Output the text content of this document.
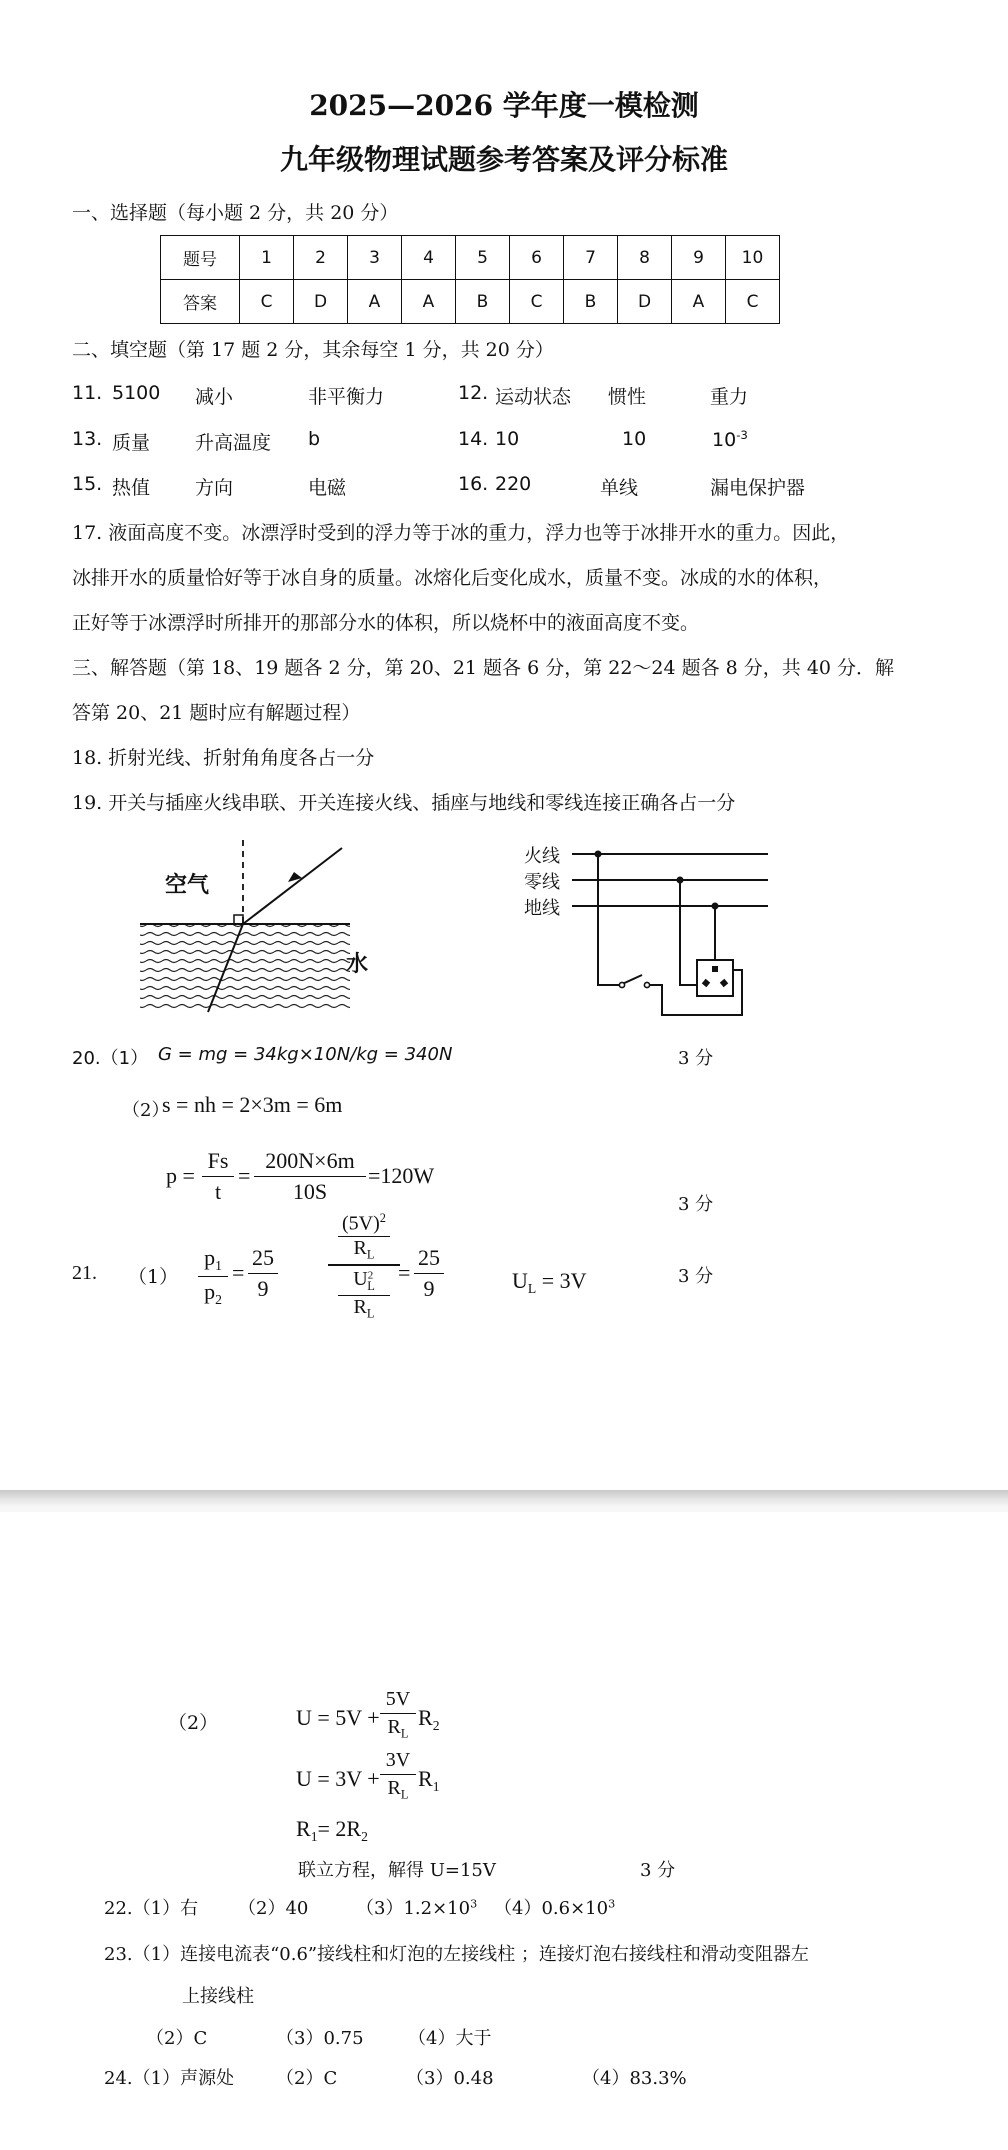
2025—2026 学年度一模检测
九年级物理试题参考答案及评分标准
一、选择题（每小题 2 分，共 20 分）
题号	1	2	3	4	5	6	7	8	9	10
答案	C	D	A	A	B	C	B	D	A	C
二、填空题（第 17 题 2 分，其余每空 1 分，共 20 分）
11. 5100 减小	非平衡力	12. 运动状态 惯性	重力
13. 质量 升高温度 b	14. 10	10	$10^{-3}$
15. 热值 方向	电磁	16. 220	单线	漏电保护器
17. 液面高度不变。冰漂浮时受到的浮力等于冰的重力，浮力也等于冰排开水的重力。因此，
冰排开水的质量恰好等于冰自身的质量。冰熔化后变化成水，质量不变。冰成的水的体积，
正好等于冰漂浮时所排开的那部分水的体积，所以烧杯中的液面高度不变。
三、解答题（第 18、19 题各 2 分，第 20、21 题各 6 分，第 22～24 题各 8 分，共 40 分．解
答第 20、21 题时应有解题过程）
18. 折射光线、折射角角度各占一分
19. 开关与插座火线串联、开关连接火线、插座与地线和零线连接正确各占一分
空气
水
火线
零线
地线
20.（1） G = mg = 34kg×10N/kg = 340N	3 分
（2）
s = nh = 2×3m = 6m
p =
Fs
t
=
200N×6m
10S
=120W
3 分
21. （1）
$p_1$
$p_2$
=
25
9
$(5V)^2$
$R_L$
$U^2_L$
$R_L$
=
25
9	$U_L = 3V$	3 分
（2）	U = 5V +
5V
$R_L$
$R_2$
U = 3V +
3V
$R_L$
$R_1$
$R_1= 2R_2$
联立方程，解得 U=15V	3 分
22.（1）右 （2）40	$(3)1.2\times 10^3$ $(4)0.6\times 10^3$
23.（1）连接电流表“0.6”接线柱和灯泡的左接线柱 ；连接灯泡右接线柱和滑动变阻器左
上接线柱
（2）C	（3）0.75 （4）大于
24.（1）声源处 （2）C	（3）0.48	（4）83.3%
